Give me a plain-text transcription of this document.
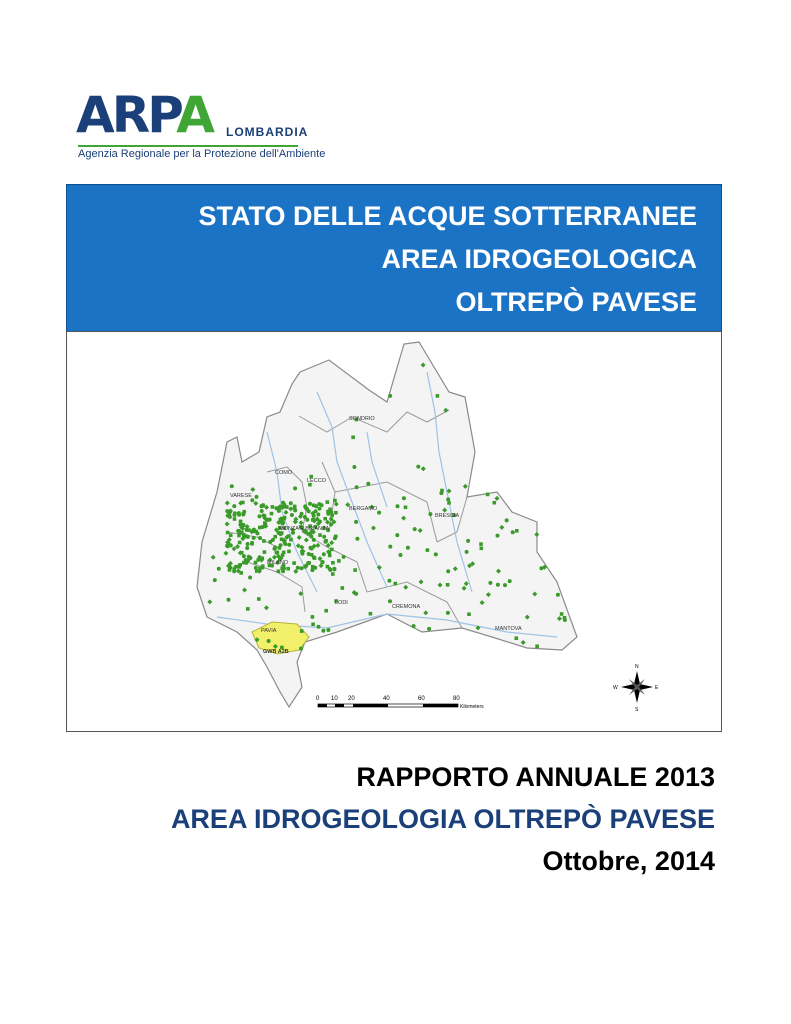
ARPA LOMBARDIA
Agenzia Regionale per la Protezione dell'Ambiente
STATO DELLE ACQUE SOTTERRANEE
AREA IDROGEOLOGICA
OLTREPÒ PAVESE
SONDRIO
COMO
LECCO
VARESE
BERGAMO
BRESCIA
MONZA E BRIANZA
MILANO
LODI
CREMONA
MANTOVA
PAVIA
GWB A2B
0 10 20	40	60	80
Kilometers
N
S
E
W
RAPPORTO ANNUALE 2013
AREA IDROGEOLOGIA OLTREPÒ PAVESE
Ottobre, 2014
